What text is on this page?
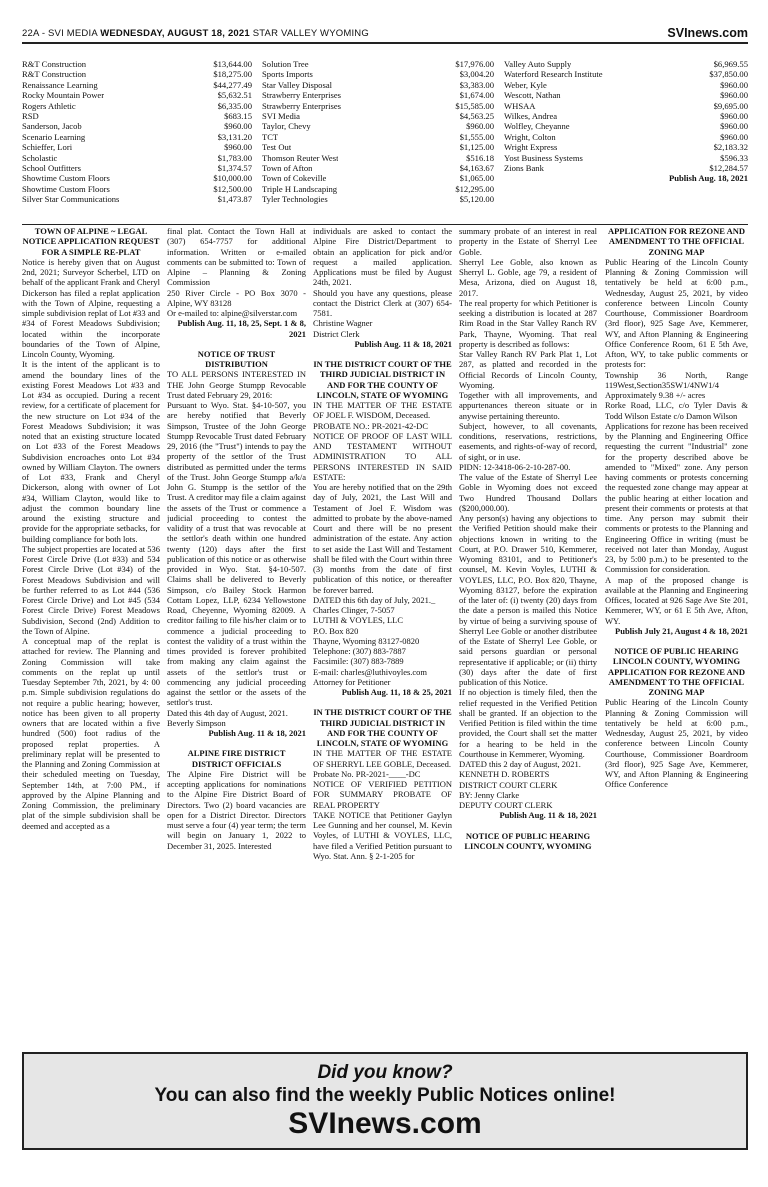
22A - SVI MEDIA WEDNESDAY, AUGUST 18, 2021 STAR VALLEY WYOMING	SVInews.com
R&T Construction	$13,644.00
R&T Construction	$18,275.00
Renaissance Learning	$44,277.49
Rocky Mountain Power	$5,632.51
Rogers Athletic	$6,335.00
RSD	$683.15
Sanderson, Jacob	$960.00
Scenario Learning	$3,131.20
Schieffer, Lori	$960.00
Scholastic	$1,783.00
School Outfitters	$1,374.57
Showtime Custom Floors	$10,000.00
Showtime Custom Floors	$12,500.00
Silver Star Communications	$1,473.87
Solution Tree	$17,976.00
Sports Imports	$3,004.20
Star Valley Disposal	$3,383.00
Strawberry Enterprises	$1,674.00
Strawberry Enterprises	$15,585.00
SVI Media	$4,563.25
Taylor, Chevy	$960.00
TCT	$1,555.00
Test Out	$1,125.00
Thomson Reuter West	$516.18
Town of Afton	$4,163.67
Town of Cokeville	$1,065.00
Triple H Landscaping	$12,295.00
Tyler Technologies	$5,120.00
Valley Auto Supply	$6,969.55
Waterford Research Institute	$37,850.00
Weber, Kyle	$960.00
Wescott, Nathan	$960.00
WHSAA	$9,695.00
Wilkes, Andrea	$960.00
Wolfley, Cheyanne	$960.00
Wright, Colton	$960.00
Wright Express	$2,183.32
Yost Business Systems	$596.33
Zions Bank	$12,284.57
Publish Aug. 18, 2021

TOWN OF ALPINE ~ LEGAL NOTICE APPLICATION REQUEST FOR A SIMPLE RE-PLAT

Notice is hereby given that on August 2nd, 2021; Surveyor Scherbel, LTD on behalf of the applicant Frank and Cheryl Dickerson has filed a replat application with the Town of Alpine, requesting a simple subdivision replat of Lot #33 and #34 of Forest Meadows Subdivision; located within the incorporate boundaries of the Town of Alpine, Lincoln County, Wyoming.

It is the intent of the applicant is to amend the boundary lines of the existing Forest Meadows Lot #33 and Lot #34 as occupied. During a recent review, for a certificate of placement for the new structure on Lot #34 of the Forest Meadows Subdivision; it was noted that an existing structure located on Lot #33 of the Forest Meadows Subdivision encroaches onto Lot #34 owned by William Clayton. The owners of Lot #33, Frank and Cheryl Dickerson, along with owner of Lot #34, William Clayton, would like to adjust the common boundary line around the existing structure and provide for the appropriate setbacks, for building compliance for both lots.

The subject properties are located at 536 Forest Circle Drive (Lot #33) and 534 Forest Circle Drive (Lot #34) of the Forest Meadows Subdivision and will be further referred to as Lot #44 (536 Forest Circle Drive) and Lot #45 (534 Forest Circle Drive) Forest Meadows Subdivision, Second (2nd) Addition to the Town of Alpine.

A conceptual map of the replat is attached for review. The Planning and Zoning Commission will take comments on the replat up until Tuesday September 7th, 2021, by 4: 00 p.m. Simple subdivision regulations do not require a public hearing; however, notice has been given to all property owners that are located within a five hundred (500) foot radius of the proposed replat properties. A preliminary replat will be presented to the Planning and Zoning Commission at their scheduled meeting on Tuesday, September 14th, at 7:00 PM., if approved by the Alpine Planning and Zoning Commission, the preliminary plat of the simple subdivision shall be deemed and accepted as a

final plat. Contact the Town Hall at (307) 654-7757 for additional information. Written or e-mailed comments can be submitted to: Town of Alpine – Planning & Zoning Commission

250 River Circle - PO Box 3070 - Alpine, WY 83128

Or e-mailed to: alpine@silverstar.com

Publish Aug. 11, 18, 25, Sept. 1 & 8, 2021

NOTICE OF TRUST DISTRIBUTION

TO ALL PERSONS INTERESTED IN THE John George Stumpp Revocable Trust dated February 29, 2016:

Pursuant to Wyo. Stat. §4-10-507, you are hereby notified that Beverly Simpson, Trustee of the John George Stumpp Revocable Trust dated February 29, 2016 (the "Trust") intends to pay the property of the settlor of the Trust distributed as permitted under the terms of the Trust. John George Stumpp a/k/a John G. Stumpp is the settlor of the Trust. A creditor may file a claim against the assets of the Trust or commence a judicial proceeding to contest the validity of a trust that was revocable at the settlor's death within one hundred twenty (120) days after the first publication of this notice or as otherwise provided in Wyo. Stat. §4-10-507. Claims shall be delivered to Beverly Simpson, c/o Bailey Stock Harmon Cottam Lopez, LLP, 6234 Yellowstone Road, Cheyenne, Wyoming 82009. A creditor failing to file his/her claim or to commence a judicial proceeding to contest the validity of a trust within the times provided is forever prohibited from making any claim against the assets of the settlor's trust or commencing any judicial proceeding against the settlor or the assets of the settlor's trust.

Dated this 4th day of August, 2021.

Beverly Simpson

Publish Aug. 11 & 18, 2021

ALPINE FIRE DISTRICT DISTRICT OFFICIALS

The Alpine Fire District will be accepting applications for nominations to the Alpine Fire District Board of Directors. Two (2) board vacancies are open for a District Director. Directors must serve a four (4) year term; the term will begin on January 1, 2022 to December 31, 2025. Interested

individuals are asked to contact the Alpine Fire District/Department to obtain an application for pick and/or request a mailed application. Applications must be filed by August 24th, 2021.

Should you have any questions, please contact the District Clerk at (307) 654-7581.

Christine Wagner

District Clerk

Publish Aug. 11 & 18, 2021

IN THE DISTRICT COURT OF THE THIRD JUDICIAL DISTRICT IN AND FOR THE COUNTY OF LINCOLN, STATE OF WYOMING

IN THE MATTER OF THE ESTATE OF JOEL F. WISDOM, Deceased.

PROBATE NO.: PR-2021-42-DC

NOTICE OF PROOF OF LAST WILL AND TESTAMENT WITHOUT ADMINISTRATION TO ALL PERSONS INTERESTED IN SAID ESTATE:

You are hereby notified that on the 29th day of July, 2021, the Last Will and Testament of Joel F. Wisdom was admitted to probate by the above-named Court and there will be no present administration of the estate. Any action to set aside the Last Will and Testament shall be filed with the Court within three (3) months from the date of first publication of this notice, or thereafter be forever barred.

DATED this 6th day of July, 2021._

Charles Clinger, 7-5057

LUTHI & VOYLES, LLC

P.O. Box 820

Thayne, Wyoming 83127-0820

Telephone: (307) 883-7887

Facsimile: (307) 883-7889

E-mail: charles@luthivoyles.com

Attorney for Petitioner

Publish Aug. 11, 18 & 25, 2021

IN THE DISTRICT COURT OF THE THIRD JUDICIAL DISTRICT IN AND FOR THE COUNTY OF LINCOLN, STATE OF WYOMING

IN THE MATTER OF THE ESTATE OF SHERRYL LEE GOBLE, Deceased.

Probate No. PR-2021-____-DC

NOTICE OF VERIFIED PETITION FOR SUMMARY PROBATE OF REAL PROPERTY

TAKE NOTICE that Petitioner Gaylyn Lee Gunning and her counsel, M. Kevin Voyles, of LUTHI & VOYLES, LLC, have filed a Verified Petition pursuant to Wyo. Stat. Ann. § 2-1-205 for

summary probate of an interest in real property in the Estate of Sherryl Lee Goble.

Sherryl Lee Goble, also known as Sherryl L. Goble, age 79, a resident of Mesa, Arizona, died on August 18, 2017.

The real property for which Petitioner is seeking a distribution is located at 287 Rim Road in the Star Valley Ranch RV Park, Thayne, Wyoming. That real property is described as follows:

Star Valley Ranch RV Park Plat 1, Lot 287, as platted and recorded in the Official Records of Lincoln County, Wyoming.

Together with all improvements, and appurtenances thereon situate or in anywise pertaining thereunto.

Subject, however, to all covenants, conditions, reservations, restrictions, easements, and rights-of-way of record, of sight, or in use.

PIDN: 12-3418-06-2-10-287-00.

The value of the Estate of Sherryl Lee Goble in Wyoming does not exceed Two Hundred Thousand Dollars ($200,000.00).

Any person(s) having any objections to the Verified Petition should make their objections known in writing to the Court, at P.O. Drawer 510, Kemmerer, Wyoming 83101, and to Petitioner's counsel, M. Kevin Voyles, LUTHI & VOYLES, LLC, P.O. Box 820, Thayne, Wyoming 83127, before the expiration of the later of: (i) twenty (20) days from the date a person is mailed this Notice by virtue of being a surviving spouse of Sherryl Lee Goble or another distributee of the Estate of Sherryl Lee Goble, or said persons guardian or personal representative if applicable; or (ii) thirty (30) days after the date of first publication of this Notice.

If no objection is timely filed, then the relief requested in the Verified Petition shall be granted. If an objection to the Verified Petition is filed within the time provided, the Court shall set the matter for a hearing to be held in the Courthouse in Kemmerer, Wyoming.

DATED this 2 day of August, 2021.

KENNETH D. ROBERTS

DISTRICT COURT CLERK

BY: Jenny Clarke

DEPUTY COURT CLERK

Publish Aug. 11 & 18, 2021

NOTICE OF PUBLIC HEARING LINCOLN COUNTY, WYOMING

APPLICATION FOR REZONE AND AMENDMENT TO THE OFFICIAL ZONING MAP

Public Hearing of the Lincoln County Planning & Zoning Commission will tentatively be held at 6:00 p.m., Wednesday, August 25, 2021, by video conference between Lincoln County Courthouse, Commissioner Boardroom (3rd floor), 925 Sage Ave, Kemmerer, WY, and Afton Planning & Engineering Office Conference Room, 61 E 5th Ave, Afton, WY, to take public comments or protests for:

Township 36 North, Range 119West,Section35SW1/4NW1/4

Approximately 9.38 +/- acres

Rorke Road, LLC, c/o Tyler Davis & Todd Wilson Estate c/o Damon Wilson

Applications for rezone has been received by the Planning and Engineering Office requesting the current "Industrial" zone for the property described above be amended to "Mixed" zone. Any person having comments or protests concerning the requested zone change may appear at the public hearing at either location and present their comments or protests at that time. Any person may submit their comments or protests to the Planning and Engineering Office in writing (must be received not later than Monday, August 23, by 5:00 p.m.) to be presented to the Commission for consideration.

A map of the proposed change is available at the Planning and Engineering Offices, located at 926 Sage Ave Ste 201, Kemmerer, WY, or 61 E 5th Ave, Afton, WY.

Publish July 21, August 4 & 18, 2021

NOTICE OF PUBLIC HEARING LINCOLN COUNTY, WYOMING APPLICATION FOR REZONE AND AMENDMENT TO THE OFFICIAL ZONING MAP

Public Hearing of the Lincoln County Planning & Zoning Commission will tentatively be held at 6:00 p.m., Wednesday, August 25, 2021, by video conference between Lincoln County Courthouse, Commissioner Boardroom (3rd floor), 925 Sage Ave, Kemmerer, WY, and Afton Planning & Engineering Office Conference

Did you know?
You can also find the weekly Public Notices online!
SVInews.com
